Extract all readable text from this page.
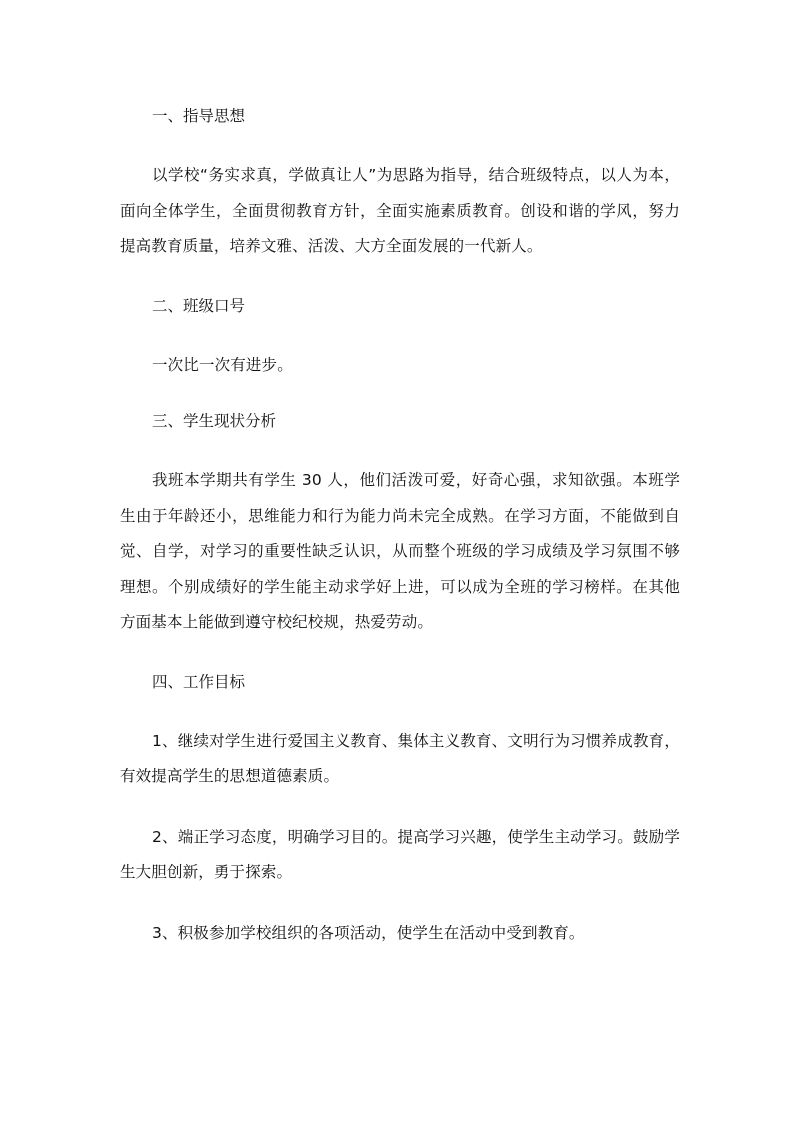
一、指导思想

以学校“务实求真，学做真让人”为思路为指导，结合班级特点，以人为本，面向全体学生，全面贯彻教育方针，全面实施素质教育。创设和谐的学风，努力提高教育质量，培养文雅、活泼、大方全面发展的一代新人。

二、班级口号

一次比一次有进步。

三、学生现状分析

我班本学期共有学生 30 人，他们活泼可爱，好奇心强，求知欲强。本班学生由于年龄还小，思维能力和行为能力尚未完全成熟。在学习方面，不能做到自觉、自学，对学习的重要性缺乏认识，从而整个班级的学习成绩及学习氛围不够理想。个别成绩好的学生能主动求学好上进，可以成为全班的学习榜样。在其他方面基本上能做到遵守校纪校规，热爱劳动。

四、工作目标

1、继续对学生进行爱国主义教育、集体主义教育、文明行为习惯养成教育，有效提高学生的思想道德素质。

2、端正学习态度，明确学习目的。提高学习兴趣，使学生主动学习。鼓励学生大胆创新，勇于探索。

3、积极参加学校组织的各项活动，使学生在活动中受到教育。
